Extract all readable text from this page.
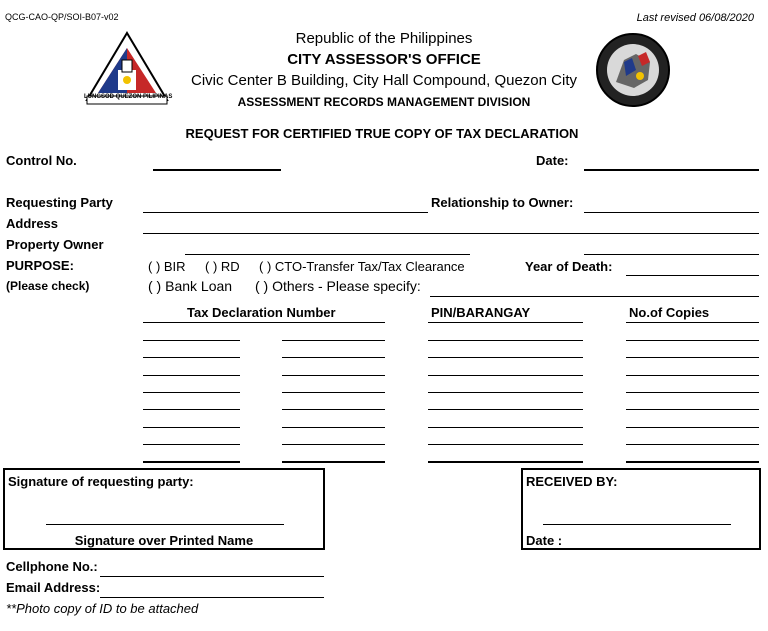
QCG-CAO-QP/SOI-B07-v02	Last revised 06/08/2020
LUNGSOD QUEZON PILIPINAS
Republic of the Philippines
CITY ASSESSOR'S OFFICE
Civic Center B Building, City Hall Compound, Quezon City
ASSESSMENT RECORDS MANAGEMENT DIVISION
REQUEST FOR CERTIFIED TRUE COPY OF TAX DECLARATION
Control No.	Date:
Requesting Party	Relationship to Owner:
Address
Property Owner
PURPOSE:
(Please check)
( ) BIR ( ) RD ( ) CTO-Transfer Tax/Tax Clearance	Year of Death:
( ) Bank Loan ( ) Others - Please specify:
Tax Declaration Number	PIN/BARANGAY	No.of Copies
Signature of requesting party:
Signature over Printed Name
RECEIVED BY:
Date :
Cellphone No.:
Email Address:
**Photo copy of ID to be attached
